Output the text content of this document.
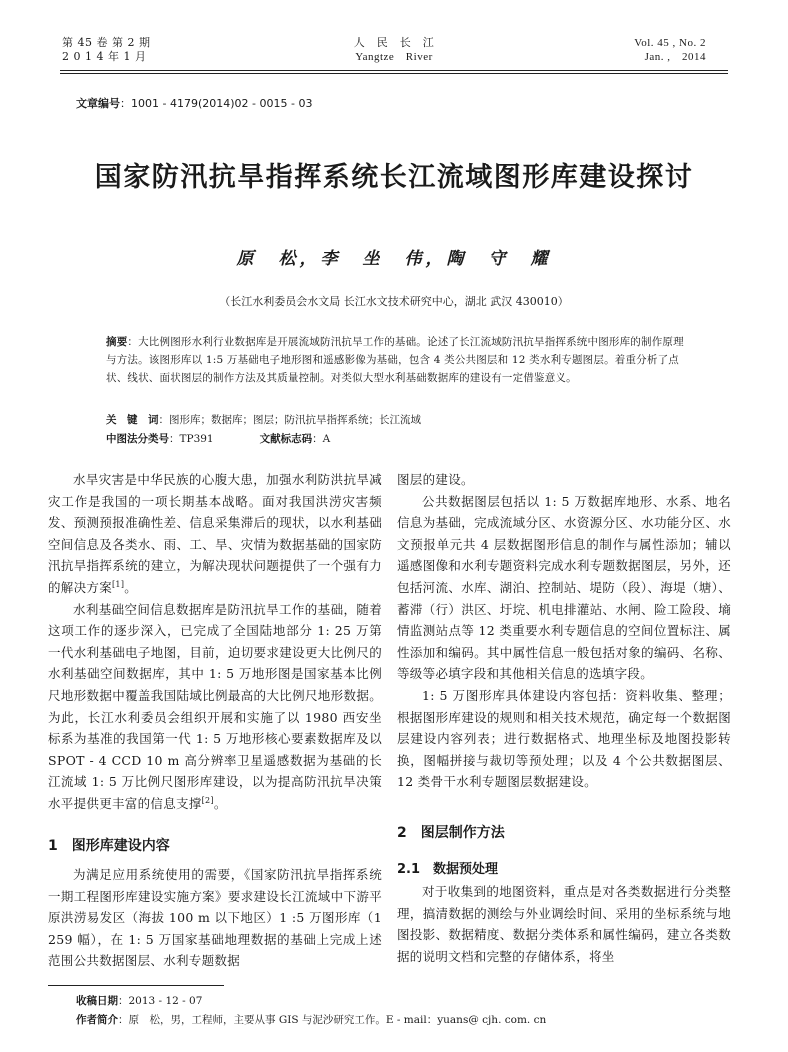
第 45 卷 第 2 期
2 0 1 4 年 1 月
人　民　长　江
Yangtze　River
Vol. 45 , No. 2
Jan. ,　2014
文章编号：1001 - 4179(2014)02 - 0015 - 03
国家防汛抗旱指挥系统长江流域图形库建设探讨
原　松，李　坐　伟，陶　守　耀
（长江水利委员会水文局 长江水文技术研究中心，湖北 武汉 430010）
摘要：大比例图形水利行业数据库是开展流域防汛抗旱工作的基础。论述了长江流域防汛抗旱指挥系统中图形库的制作原理与方法。该图形库以 1:5 万基础电子地形图和遥感影像为基础，包含 4 类公共图层和 12 类水利专题图层。着重分析了点状、线状、面状图层的制作方法及其质量控制。对类似大型水利基础数据库的建设有一定借鉴意义。
关　键　词：图形库；数据库；图层；防汛抗旱指挥系统；长江流域
中图法分类号：TP391	文献标志码：A

水旱灾害是中华民族的心腹大患，加强水利防洪抗旱减灾工作是我国的一项长期基本战略。面对我国洪涝灾害频发、预测预报准确性差、信息采集滞后的现状，以水利基础空间信息及各类水、雨、工、旱、灾情为数据基础的国家防汛抗旱指挥系统的建立，为解决现状问题提供了一个强有力的解决方案[1]。

水利基础空间信息数据库是防汛抗旱工作的基础，随着这项工作的逐步深入，已完成了全国陆地部分 1: 25 万第一代水利基础电子地图，目前，迫切要求建设更大比例尺的水利基础空间数据库，其中 1: 5 万地形图是国家基本比例尺地形数据中覆盖我国陆域比例最高的大比例尺地形数据。为此，长江水利委员会组织开展和实施了以 1980 西安坐标系为基准的我国第一代 1: 5 万地形核心要素数据库及以 SPOT - 4 CCD 10 m 高分辨率卫星遥感数据为基础的长江流域 1: 5 万比例尺图形库建设，以为提高防汛抗旱决策水平提供更丰富的信息支撑[2]。

1　图形库建设内容

为满足应用系统使用的需要，《国家防汛抗旱指挥系统一期工程图形库建设实施方案》要求建设长江流域中下游平原洪涝易发区（海拔 100 m 以下地区）1 :5 万图形库（1 259 幅），在 1: 5 万国家基础地理数据的基础上完成上述范围公共数据图层、水利专题数据

图层的建设。

公共数据图层包括以 1: 5 万数据库地形、水系、地名信息为基础，完成流域分区、水资源分区、水功能分区、水文预报单元共 4 层数据图形信息的制作与属性添加；辅以遥感图像和水利专题资料完成水利专题数据图层，另外，还包括河流、水库、湖泊、控制站、堤防（段）、海堤（塘）、蓄滞（行）洪区、圩垸、机电排灌站、水闸、险工险段、墒情监测站点等 12 类重要水利专题信息的空间位置标注、属性添加和编码。其中属性信息一般包括对象的编码、名称、等级等必填字段和其他相关信息的选填字段。

1: 5 万图形库具体建设内容包括：资料收集、整理；根据图形库建设的规则和相关技术规范，确定每一个数据图层建设内容列表；进行数据格式、地理坐标及地图投影转换，图幅拼接与裁切等预处理；以及 4 个公共数据图层、12 类骨干水利专题图层数据建设。

2　图层制作方法
2.1　数据预处理

对于收集到的地图资料，重点是对各类数据进行分类整理，搞清数据的测绘与外业调绘时间、采用的坐标系统与地图投影、数据精度、数据分类体系和属性编码，建立各类数据的说明文档和完整的存储体系，将坐

收稿日期：2013 - 12 - 07
作者简介：原　松，男，工程师，主要从事 GIS 与泥沙研究工作。E - mail：yuans@ cjh. com. cn
